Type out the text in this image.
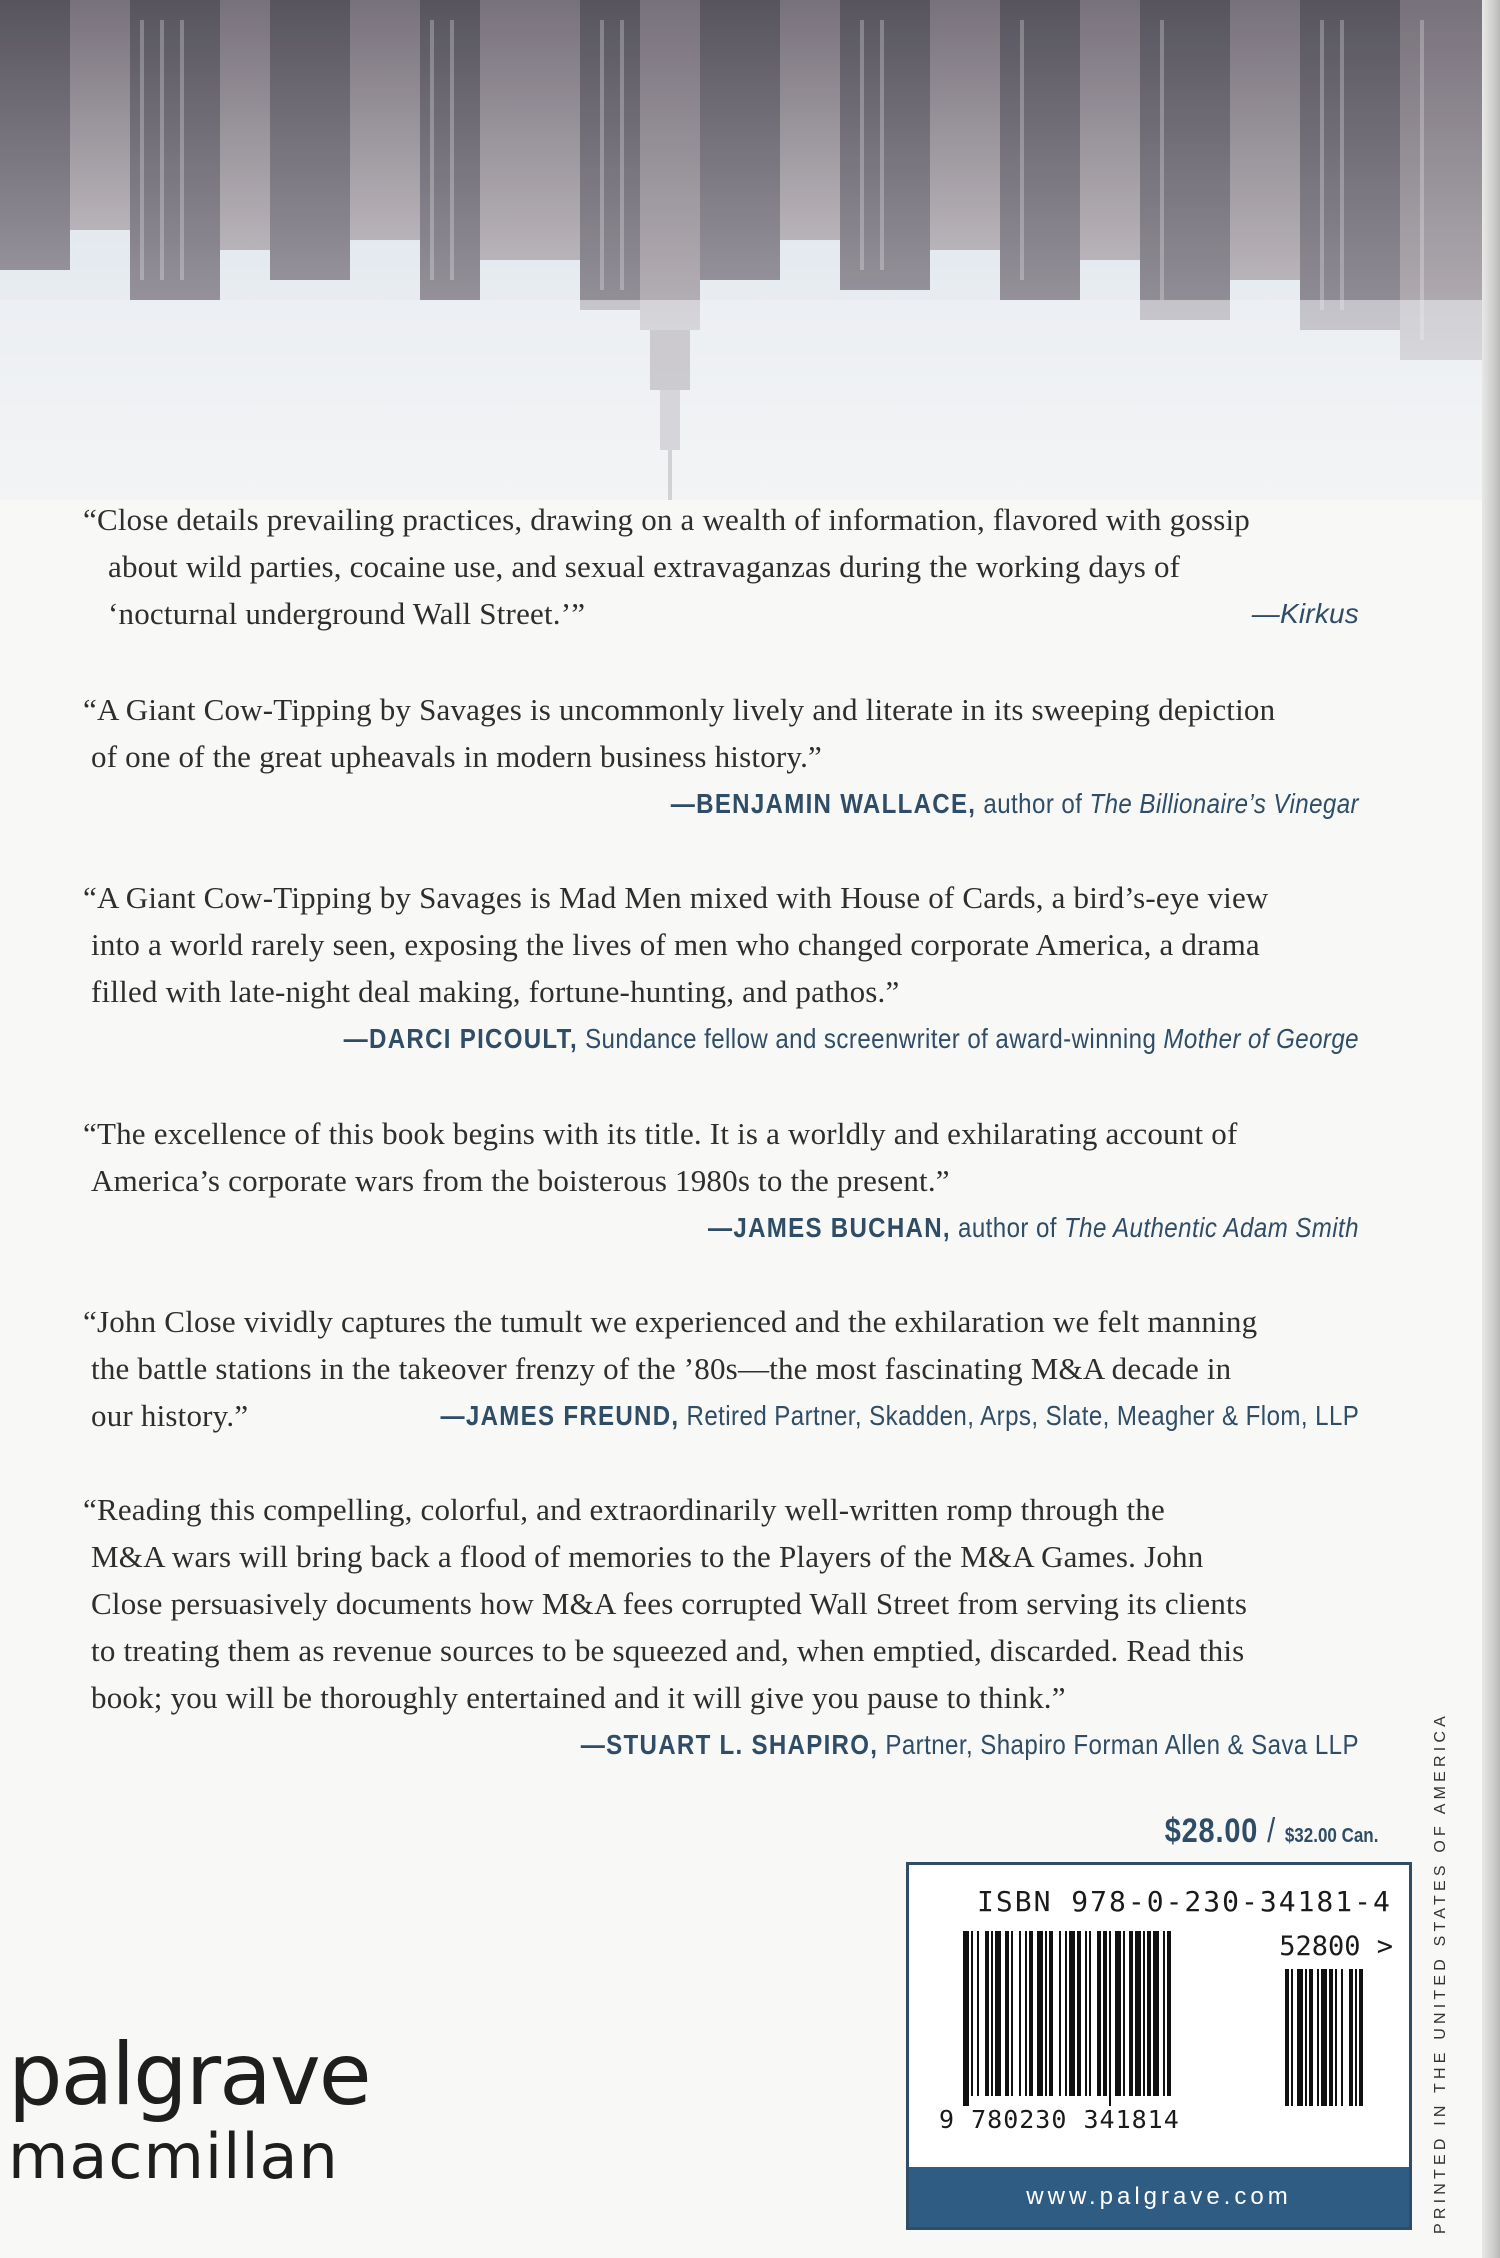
“Close details prevailing practices, drawing on a wealth of information, flavored with gossip
about wild parties, cocaine use, and sexual extravaganzas during the working days of
‘nocturnal underground Wall Street.’”	—Kirkus
“A Giant Cow-Tipping by Savages is uncommonly lively and literate in its sweeping depiction
of one of the great upheavals in modern business history.”
—BENJAMIN WALLACE, author of The Billionaire’s Vinegar
“A Giant Cow-Tipping by Savages is Mad Men mixed with House of Cards, a bird’s-eye view
into a world rarely seen, exposing the lives of men who changed corporate America, a drama
filled with late-night deal making, fortune-hunting, and pathos.”
—DARCI PICOULT, Sundance fellow and screenwriter of award-winning Mother of George
“The excellence of this book begins with its title. It is a worldly and exhilarating account of
America’s corporate wars from the boisterous 1980s to the present.”
—JAMES BUCHAN, author of The Authentic Adam Smith
“John Close vividly captures the tumult we experienced and the exhilaration we felt manning
the battle stations in the takeover frenzy of the ’80s—the most fascinating M&A decade in
our history.”	—JAMES FREUND, Retired Partner, Skadden, Arps, Slate, Meagher & Flom, LLP
“Reading this compelling, colorful, and extraordinarily well-written romp through the
M&A wars will bring back a flood of memories to the Players of the M&A Games. John
Close persuasively documents how M&A fees corrupted Wall Street from serving its clients
to treating them as revenue sources to be squeezed and, when emptied, discarded. Read this
book; you will be thoroughly entertained and it will give you pause to think.”
—STUART L. SHAPIRO, Partner, Shapiro Forman Allen & Sava LLP
$28.00 / $32.00 Can.
ISBN 978-0-230-34181-4
52800 >
9 780230 341814
www.palgrave.com	PRINTED IN THE UNITED STATES OF AMERICA
palgrave
macmillan
